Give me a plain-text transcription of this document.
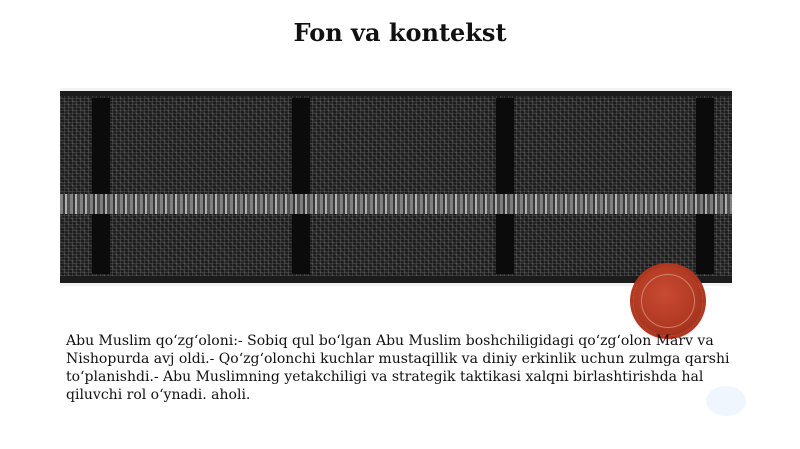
Fon va kontekst
Abu Muslim qo‘zg‘oloni:- Sobiq qul bo‘lgan Abu Muslim boshchiligidagi qo‘zg‘olon Marv va Nishopurda avj oldi.- Qo‘zg‘olonchi kuchlar mustaqillik va diniy erkinlik uchun zulmga qarshi to‘planishdi.- Abu Muslimning yetakchiligi va strategik taktikasi xalqni birlashtirishda hal qiluvchi rol o‘ynadi. aholi.
